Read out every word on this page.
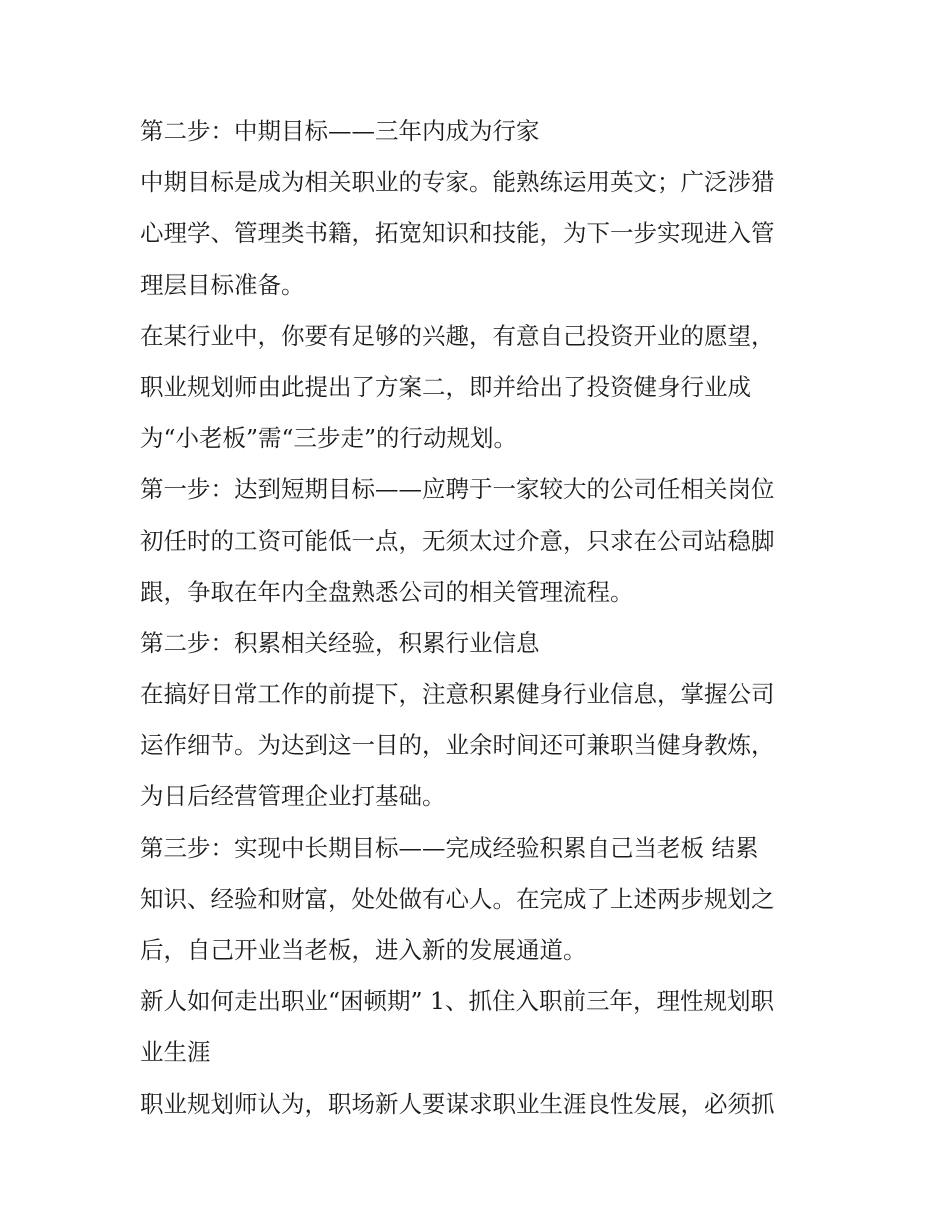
第二步：中期目标——三年内成为行家
中期目标是成为相关职业的专家。能熟练运用英文；广泛涉猎
心理学、管理类书籍，拓宽知识和技能，为下一步实现进入管
理层目标准备。
在某行业中，你要有足够的兴趣，有意自己投资开业的愿望，
职业规划师由此提出了方案二，即并给出了投资健身行业成
为“小老板”需“三步走”的行动规划。
第一步：达到短期目标——应聘于一家较大的公司任相关岗位
初任时的工资可能低一点，无须太过介意，只求在公司站稳脚
跟，争取在年内全盘熟悉公司的相关管理流程。
第二步：积累相关经验，积累行业信息
在搞好日常工作的前提下，注意积累健身行业信息，掌握公司
运作细节。为达到这一目的，业余时间还可兼职当健身教炼，
为日后经营管理企业打基础。
第三步：实现中长期目标——完成经验积累自己当老板 结累
知识、经验和财富，处处做有心人。在完成了上述两步规划之
后，自己开业当老板，进入新的发展通道。
新人如何走出职业“困顿期” 1、抓住入职前三年，理性规划职
业生涯
职业规划师认为，职场新人要谋求职业生涯良性发展，必须抓
